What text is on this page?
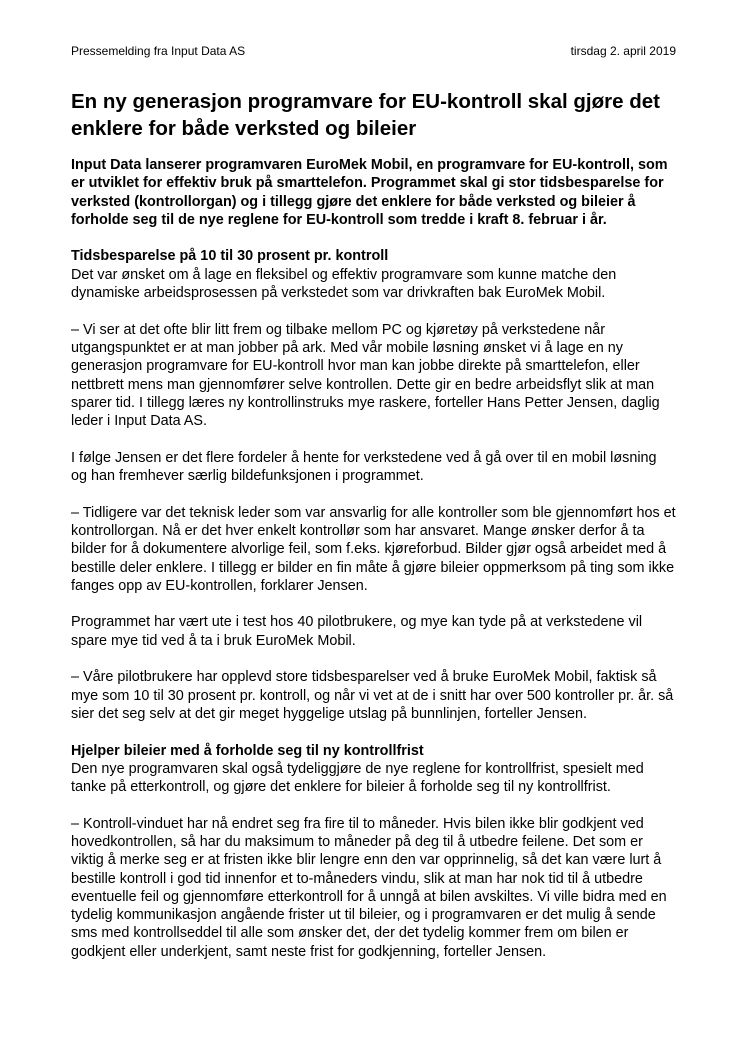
Pressemelding fra Input Data AS	tirsdag 2. april 2019
En ny generasjon programvare for EU-kontroll skal gjøre det enklere for både verksted og bileier

Input Data lanserer programvaren EuroMek Mobil, en programvare for EU-kontroll, som er utviklet for effektiv bruk på smarttelefon. Programmet skal gi stor tidsbesparelse for verksted (kontrollorgan) og i tillegg gjøre det enklere for både verksted og bileier å forholde seg til de nye reglene for EU-kontroll som tredde i kraft 8. februar i år.

Tidsbesparelse på 10 til 30 prosent pr. kontroll

Det var ønsket om å lage en fleksibel og effektiv programvare som kunne matche den dynamiske arbeidsprosessen på verkstedet som var drivkraften bak EuroMek Mobil.

– Vi ser at det ofte blir litt frem og tilbake mellom PC og kjøretøy på verkstedene når utgangspunktet er at man jobber på ark. Med vår mobile løsning ønsket vi å lage en ny generasjon programvare for EU-kontroll hvor man kan jobbe direkte på smarttelefon, eller nettbrett mens man gjennomfører selve kontrollen. Dette gir en bedre arbeidsflyt slik at man sparer tid. I tillegg læres ny kontrollinstruks mye raskere, forteller Hans Petter Jensen, daglig leder i Input Data AS.

I følge Jensen er det flere fordeler å hente for verkstedene ved å gå over til en mobil løsning og han fremhever særlig bildefunksjonen i programmet.

– Tidligere var det teknisk leder som var ansvarlig for alle kontroller som ble gjennomført hos et kontrollorgan. Nå er det hver enkelt kontrollør som har ansvaret. Mange ønsker derfor å ta bilder for å dokumentere alvorlige feil, som f.eks. kjøreforbud. Bilder gjør også arbeidet med å bestille deler enklere. I tillegg er bilder en fin måte å gjøre bileier oppmerksom på ting som ikke fanges opp av EU-kontrollen, forklarer Jensen.

Programmet har vært ute i test hos 40 pilotbrukere, og mye kan tyde på at verkstedene vil spare mye tid ved å ta i bruk EuroMek Mobil.

– Våre pilotbrukere har opplevd store tidsbesparelser ved å bruke EuroMek Mobil, faktisk så mye som 10 til 30 prosent pr. kontroll, og når vi vet at de i snitt har over 500 kontroller pr. år. så sier det seg selv at det gir meget hyggelige utslag på bunnlinjen, forteller Jensen.

Hjelper bileier med å forholde seg til ny kontrollfrist

Den nye programvaren skal også tydeliggjøre de nye reglene for kontrollfrist, spesielt med tanke på etterkontroll, og gjøre det enklere for bileier å forholde seg til ny kontrollfrist.

– Kontroll-vinduet har nå endret seg fra fire til to måneder. Hvis bilen ikke blir godkjent ved hovedkontrollen, så har du maksimum to måneder på deg til å utbedre feilene. Det som er viktig å merke seg er at fristen ikke blir lengre enn den var opprinnelig, så det kan være lurt å bestille kontroll i god tid innenfor et to-måneders vindu, slik at man har nok tid til å utbedre eventuelle feil og gjennomføre etterkontroll for å unngå at bilen avskiltes. Vi ville bidra med en tydelig kommunikasjon angående frister ut til bileier, og i programvaren er det mulig å sende sms med kontrollseddel til alle som ønsker det, der det tydelig kommer frem om bilen er godkjent eller underkjent, samt neste frist for godkjenning, forteller Jensen.
